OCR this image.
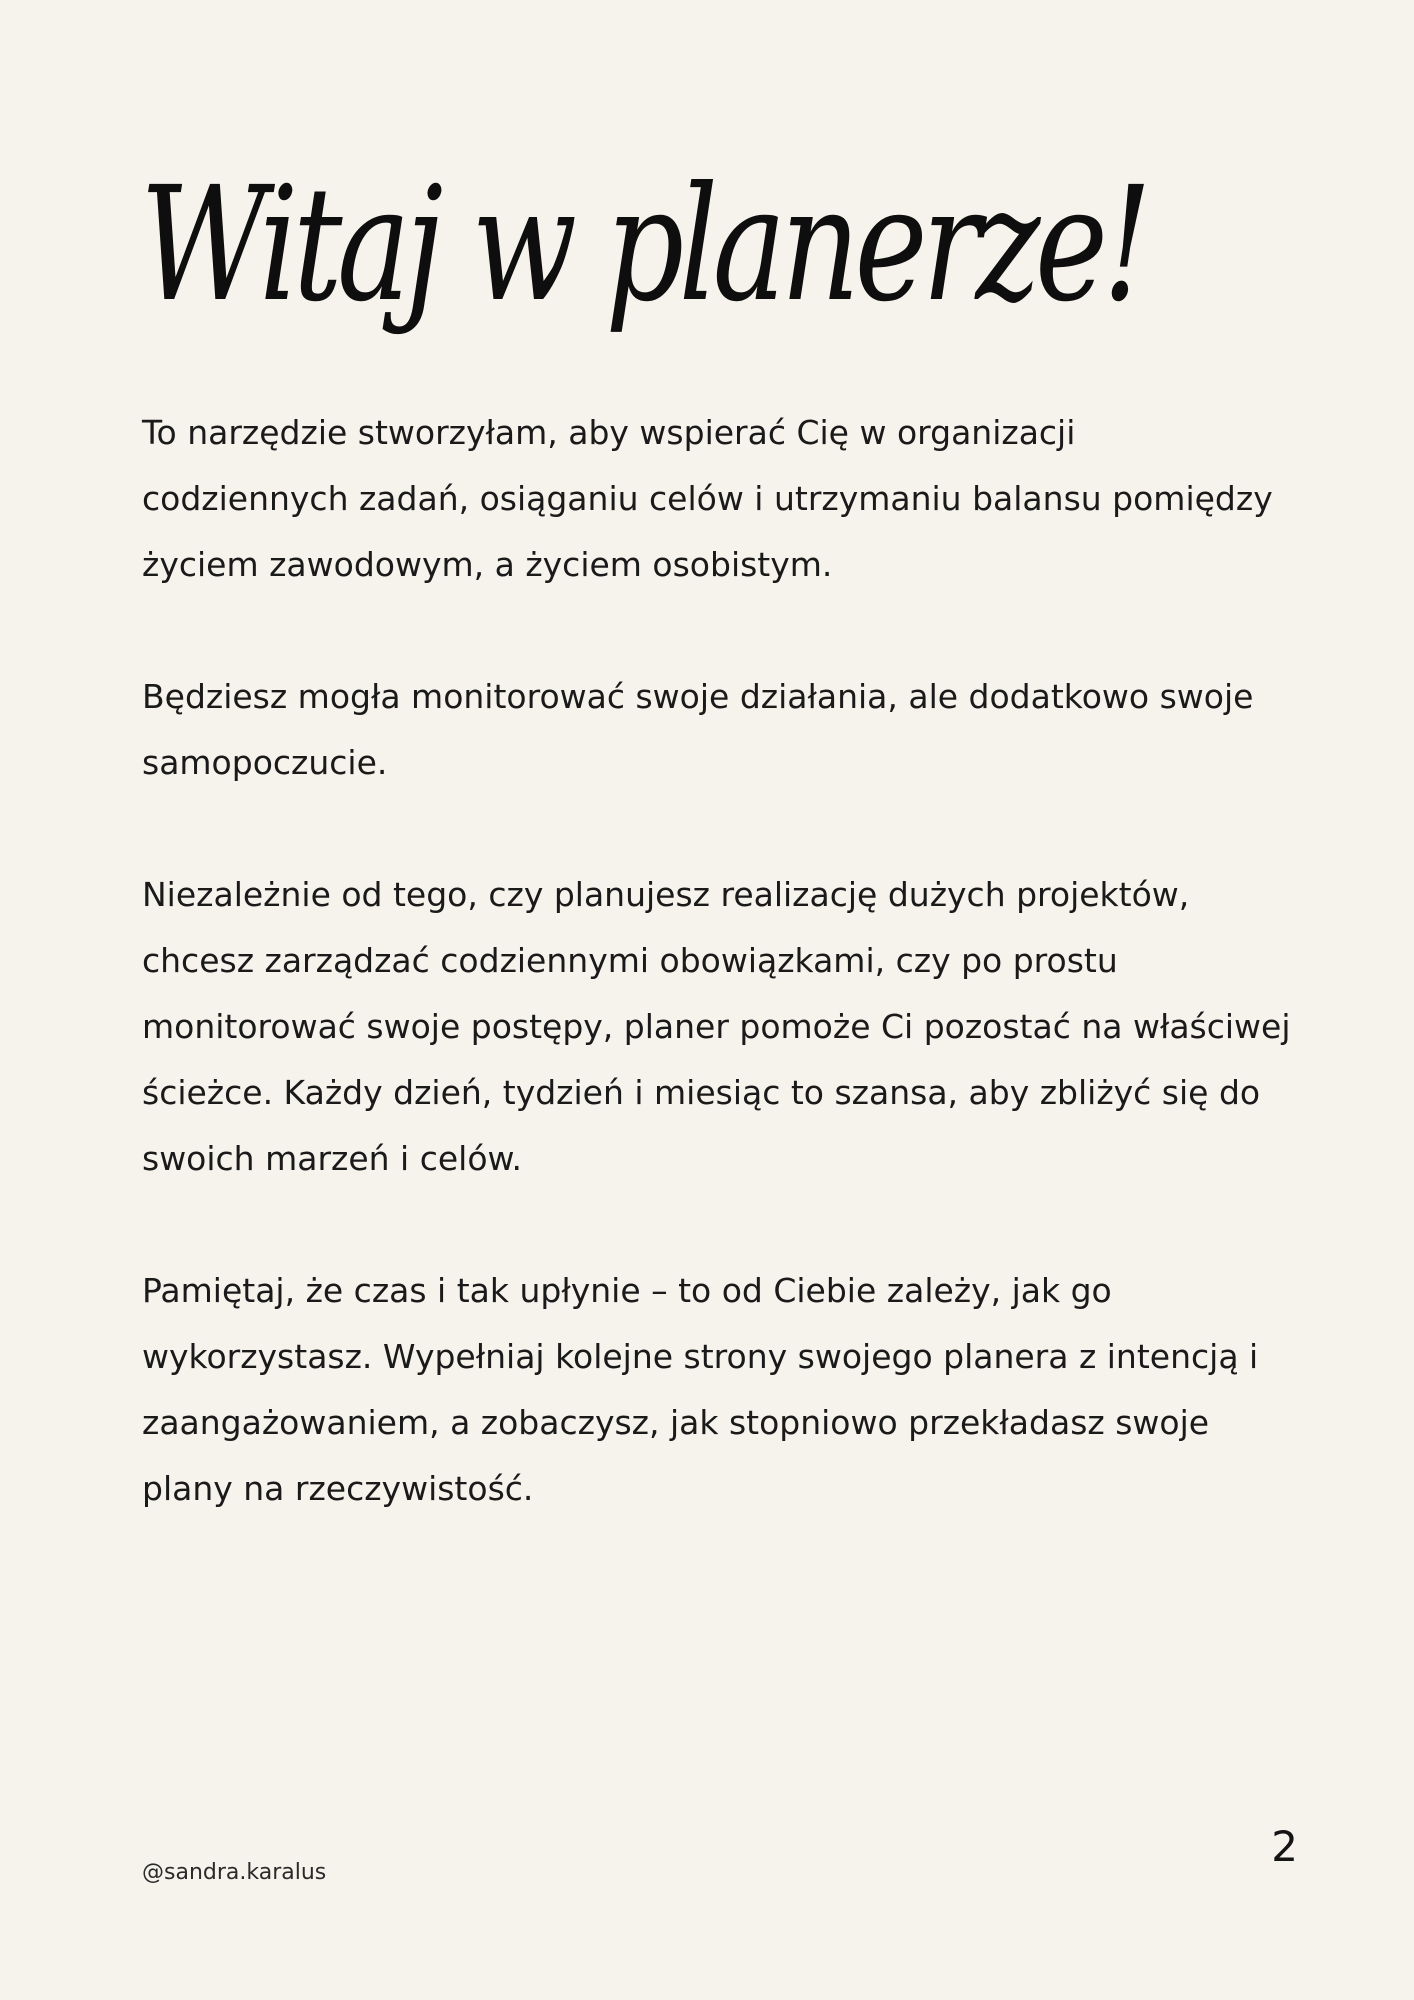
Witaj w planerze!

To narzędzie stworzyłam, aby wspierać Cię w organizacji codziennych zadań, osiąganiu celów i utrzymaniu balansu pomiędzy życiem zawodowym, a życiem osobistym.

Będziesz mogła monitorować swoje działania, ale dodatkowo swoje samopoczucie.

Niezależnie od tego, czy planujesz realizację dużych projektów, chcesz zarządzać codziennymi obowiązkami, czy po prostu monitorować swoje postępy, planer pomoże Ci pozostać na właściwej ścieżce. Każdy dzień, tydzień i miesiąc to szansa, aby zbliżyć się do swoich marzeń i celów.

Pamiętaj, że czas i tak upłynie – to od Ciebie zależy, jak go wykorzystasz. Wypełniaj kolejne strony swojego planera z intencją i zaangażowaniem, a zobaczysz, jak stopniowo przekładasz swoje plany na rzeczywistość.

@sandra.karalus
2
